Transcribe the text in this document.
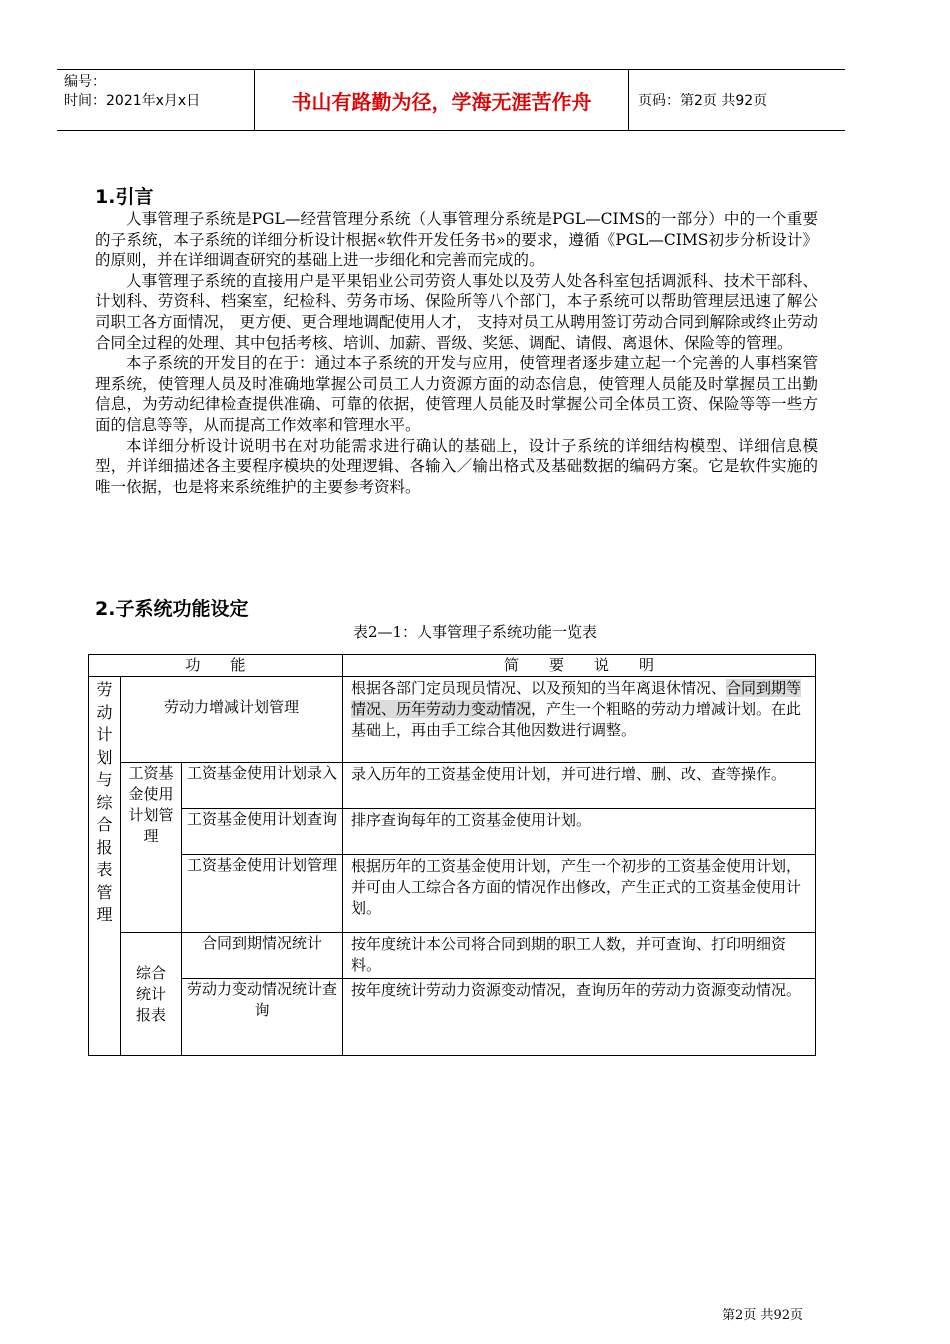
编号：
时间：2021年x月x日	书山有路勤为径，学海无涯苦作舟	页码：第2页 共92页
1.引言

人事管理子系统是PGL—经营管理分系统（人事管理分系统是PGL—CIMS的一部分）中的一个重要的子系统，本子系统的详细分析设计根据«软件开发任务书»的要求，遵循《PGL—CIMS初步分析设计》的原则，并在详细调查研究的基础上进一步细化和完善而完成的。

人事管理子系统的直接用户是平果铝业公司劳资人事处以及劳人处各科室包括调派科、技术干部科、计划科、劳资科、档案室，纪检科、劳务市场、保险所等八个部门，本子系统可以帮助管理层迅速了解公司职工各方面情况， 更方便、更合理地调配使用人才， 支持对员工从聘用签订劳动合同到解除或终止劳动合同全过程的处理、其中包括考核、培训、加薪、晋级、奖惩、调配、请假、离退休、保险等的管理。

本子系统的开发目的在于：通过本子系统的开发与应用，使管理者逐步建立起一个完善的人事档案管理系统，使管理人员及时准确地掌握公司员工人力资源方面的动态信息，使管理人员能及时掌握员工出勤信息，为劳动纪律检查提供准确、可靠的依据，使管理人员能及时掌握公司全体员工资、保险等等一些方面的信息等等，从而提高工作效率和管理水平。

本详细分析设计说明书在对功能需求进行确认的基础上，设计子系统的详细结构模型、详细信息模型，并详细描述各主要程序模块的处理逻辑、各输入／输出格式及基础数据的编码方案。它是软件实施的唯一依据，也是将来系统维护的主要参考资料。

2.子系统功能设定
表2—1：人事管理子系统功能一览表
功　　能			简　　要　　说　　明
劳动计划与综合报表管理	劳动力增减计划管理		根据各部门定员现员情况、以及预知的当年离退休情况、合同到期等情况、历年劳动力变动情况，产生一个粗略的劳动力增减计划。在此基础上，再由手工综合其他因数进行调整。
	工资基金使用计划管理	工资基金使用计划录入	录入历年的工资基金使用计划，并可进行增、删、改、查等操作。
		工资基金使用计划查询	排序查询每年的工资基金使用计划。
		工资基金使用计划管理	根据历年的工资基金使用计划，产生一个初步的工资基金使用计划，并可由人工综合各方面的情况作出修改，产生正式的工资基金使用计划。
	综合统计报表	合同到期情况统计	按年度统计本公司将合同到期的职工人数，并可查询、打印明细资料。
		劳动力变动情况统计查询	按年度统计劳动力资源变动情况，查询历年的劳动力资源变动情况。
第2页 共92页
